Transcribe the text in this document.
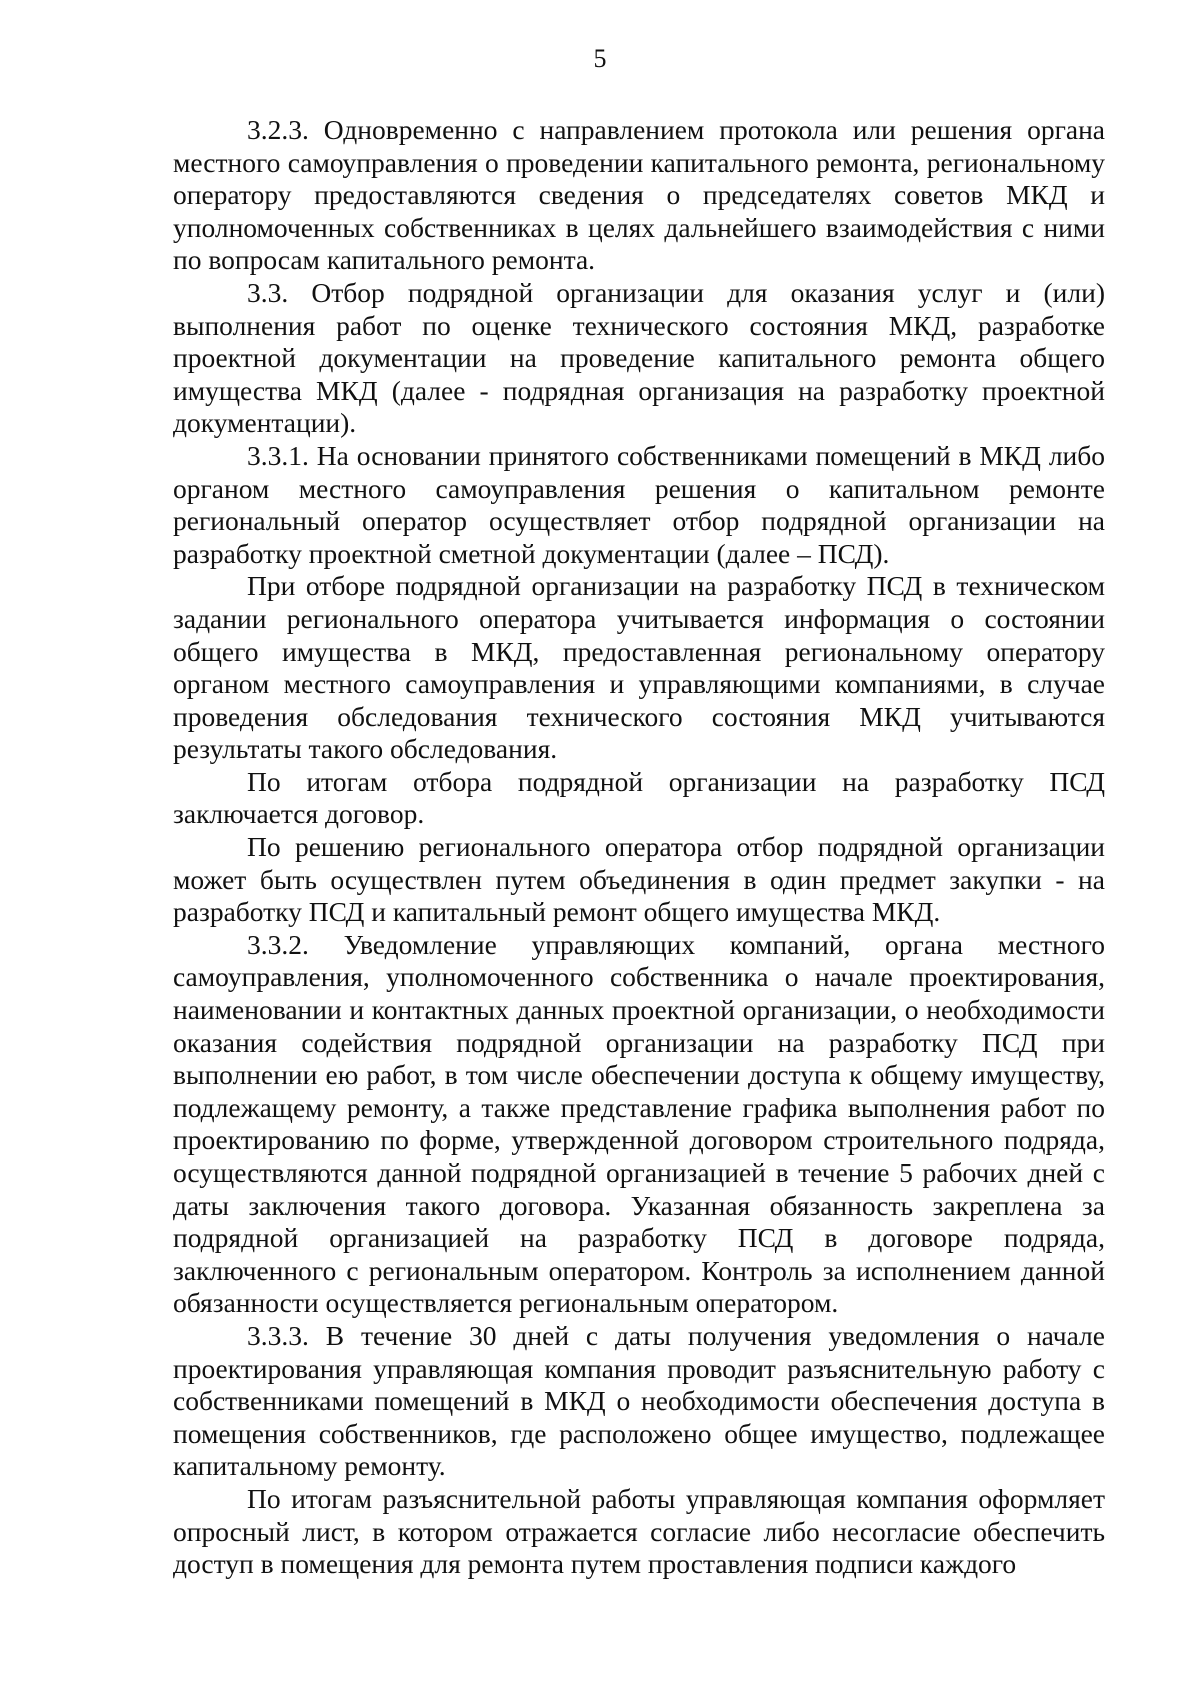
5

3.2.3. Одновременно с направлением протокола или решения органа местного самоуправления о проведении капитального ремонта, региональному оператору предоставляются сведения о председателях советов МКД и уполномоченных собственниках в целях дальнейшего взаимодействия с ними по вопросам капитального ремонта.

3.3. Отбор подрядной организации для оказания услуг и (или) выполнения работ по оценке технического состояния МКД, разработке проектной документации на проведение капитального ремонта общего имущества МКД (далее - подрядная организация на разработку проектной документации).

3.3.1. На основании принятого собственниками помещений в МКД либо органом местного самоуправления решения о капитальном ремонте региональный оператор осуществляет отбор подрядной организации на разработку проектной сметной документации (далее – ПСД).

При отборе подрядной организации на разработку ПСД в техническом задании регионального оператора учитывается информация о состоянии общего имущества в МКД, предоставленная региональному оператору органом местного самоуправления и управляющими компаниями, в случае проведения обследования технического состояния МКД учитываются результаты такого обследования.

По итогам отбора подрядной организации на разработку ПСД заключается договор.

По решению регионального оператора отбор подрядной организации может быть осуществлен путем объединения в один предмет закупки - на разработку ПСД и капитальный ремонт общего имущества МКД.

3.3.2. Уведомление управляющих компаний, органа местного самоуправления, уполномоченного собственника о начале проектирования, наименовании и контактных данных проектной организации, о необходимости оказания содействия подрядной организации на разработку ПСД при выполнении ею работ, в том числе обеспечении доступа к общему имуществу, подлежащему ремонту, а также представление графика выполнения работ по проектированию по форме, утвержденной договором строительного подряда, осуществляются данной подрядной организацией в течение 5 рабочих дней с даты заключения такого договора. Указанная обязанность закреплена за подрядной организацией на разработку ПСД в договоре подряда, заключенного с региональным оператором. Контроль за исполнением данной обязанности осуществляется региональным оператором.

3.3.3. В течение 30 дней с даты получения уведомления о начале проектирования управляющая компания проводит разъяснительную работу с собственниками помещений в МКД о необходимости обеспечения доступа в помещения собственников, где расположено общее имущество, подлежащее капитальному ремонту.

По итогам разъяснительной работы управляющая компания оформляет опросный лист, в котором отражается согласие либо несогласие обеспечить доступ в помещения для ремонта путем проставления подписи каждого
